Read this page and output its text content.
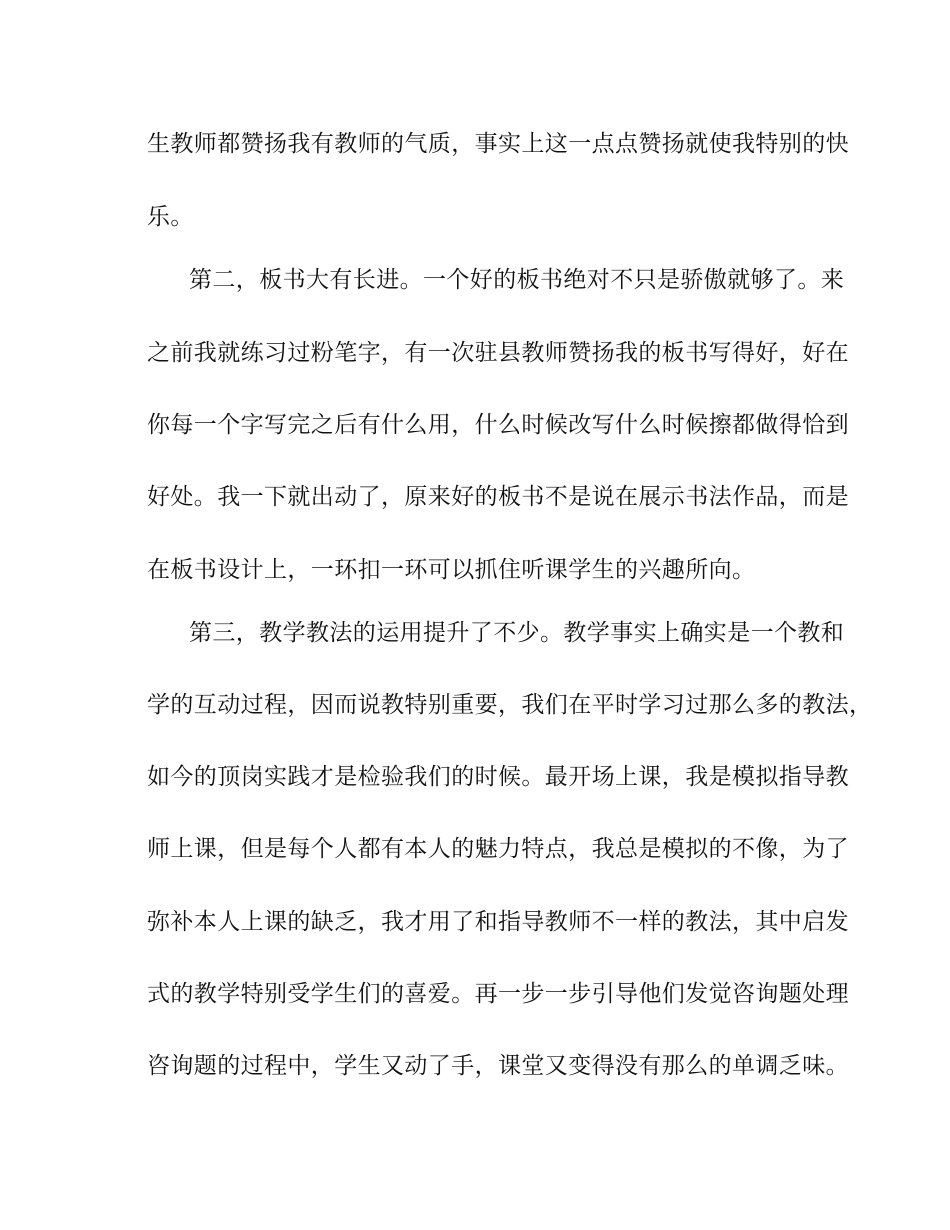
生教师都赞扬我有教师的气质，事实上这一点点赞扬就使我特别的快
乐。
第二，板书大有长进。一个好的板书绝对不只是骄傲就够了。来
之前我就练习过粉笔字，有一次驻县教师赞扬我的板书写得好，好在
你每一个字写完之后有什么用，什么时候改写什么时候擦都做得恰到
好处。我一下就出动了，原来好的板书不是说在展示书法作品，而是
在板书设计上，一环扣一环可以抓住听课学生的兴趣所向。
第三，教学教法的运用提升了不少。教学事实上确实是一个教和
学的互动过程，因而说教特别重要，我们在平时学习过那么多的教法，
如今的顶岗实践才是检验我们的时候。最开场上课，我是模拟指导教
师上课，但是每个人都有本人的魅力特点，我总是模拟的不像，为了
弥补本人上课的缺乏，我才用了和指导教师不一样的教法，其中启发
式的教学特别受学生们的喜爱。再一步一步引导他们发觉咨询题处理
咨询题的过程中，学生又动了手，课堂又变得没有那么的单调乏味。
